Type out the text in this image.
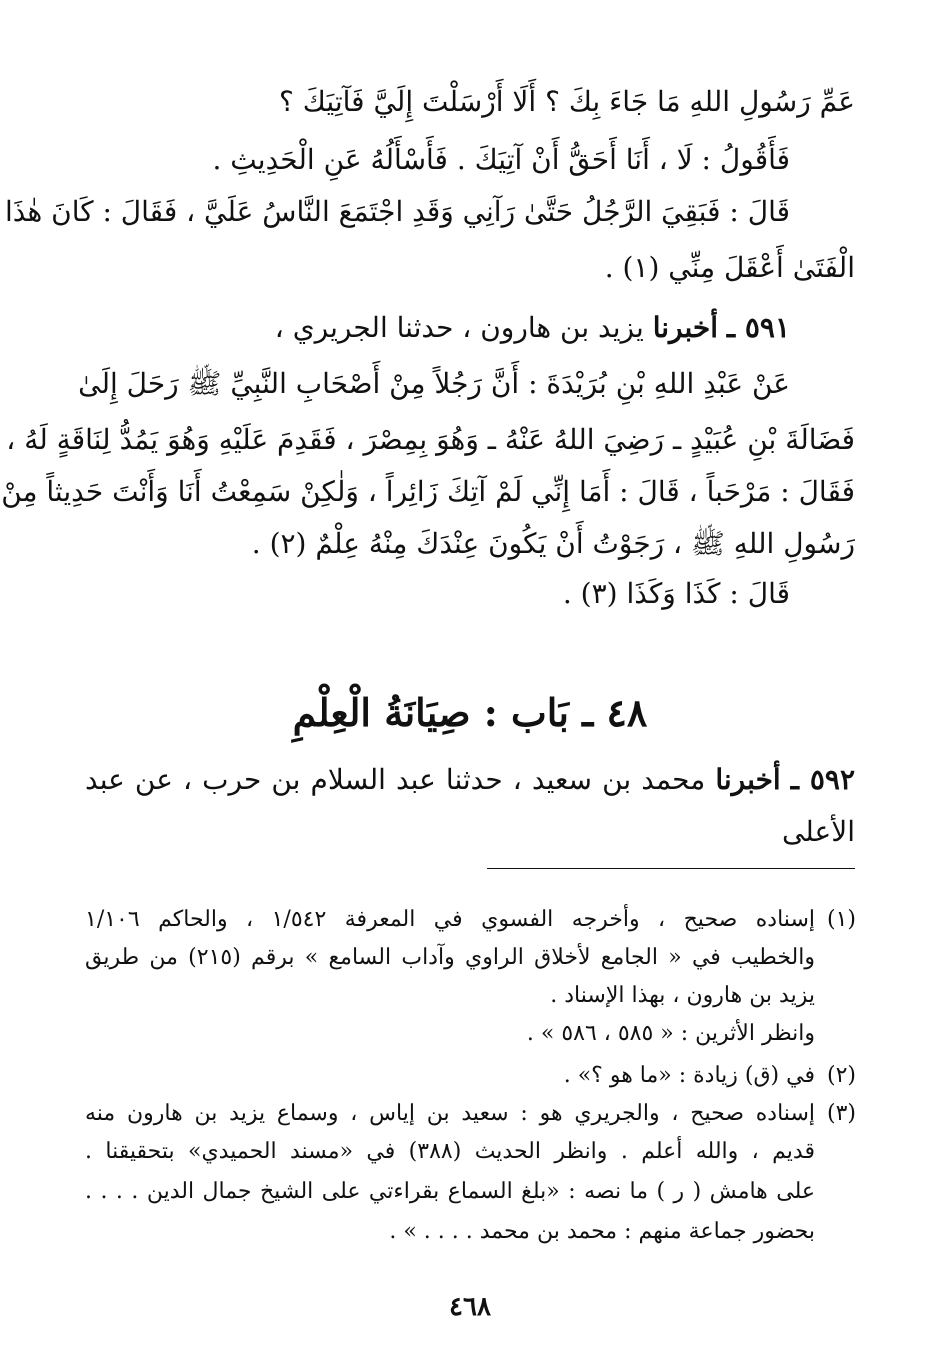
عَمِّ رَسُولِ اللهِ مَا جَاءَ بِكَ ؟ أَلَا أَرْسَلْتَ إِلَيَّ فَآتِيَكَ ؟
فَأَقُولُ : لَا ، أَنَا أَحَقُّ أَنْ آتِيَكَ . فَأَسْأَلُهُ عَنِ الْحَدِيثِ .
قَالَ : فَبَقِيَ الرَّجُلُ حَتَّىٰ رَآنِي وَقَدِ اجْتَمَعَ النَّاسُ عَلَيَّ ، فَقَالَ : كَانَ هٰذَا
الْفَتَىٰ أَعْقَلَ مِنِّي (١) .
٥٩١ ـ أخبرنا يزيد بن هارون ، حدثنا الجريري ،
عَنْ عَبْدِ اللهِ بْنِ بُرَيْدَةَ : أَنَّ رَجُلاً مِنْ أَصْحَابِ النَّبِيِّ ﷺ رَحَلَ إِلَىٰ
فَضَالَةَ بْنِ عُبَيْدٍ ـ رَضِيَ اللهُ عَنْهُ ـ وَهُوَ بِمِصْرَ ، فَقَدِمَ عَلَيْهِ وَهُوَ يَمُدُّ لِنَاقَةٍ لَهُ ،
فَقَالَ : مَرْحَباً ، قَالَ : أَمَا إِنِّي لَمْ آتِكَ زَائِراً ، وَلٰكِنْ سَمِعْتُ أَنَا وَأَنْتَ حَدِيثاً مِنْ
رَسُولِ اللهِ ﷺ ، رَجَوْتُ أَنْ يَكُونَ عِنْدَكَ مِنْهُ عِلْمٌ (٢) .
قَالَ : كَذَا وَكَذَا (٣) .
٤٨ ـ بَاب : صِيَانَةُ الْعِلْمِ
٥٩٢ ـ أخبرنا محمد بن سعيد ، حدثنا عبد السلام بن حرب ، عن عبد
الأعلى
(١)
إسناده صحيح ، وأخرجه الفسوي في المعرفة ١/٥٤٢ ، والحاكم ١/١٠٦
والخطيب في « الجامع لأخلاق الراوي وآداب السامع » برقم (٢١٥) من طريق
يزيد بن هارون ، بهذا الإسناد .
وانظر الأثرين : « ٥٨٥ ، ٥٨٦ » .
(٢)
في (ق) زيادة : «ما هو ؟» .
(٣)
إسناده صحيح ، والجريري هو : سعيد بن إياس ، وسماع يزيد بن هارون منه
قديم ، والله أعلم . وانظر الحديث (٣٨٨) في «مسند الحميدي» بتحقيقنا .
على هامش ( ر ) ما نصه : «بلغ السماع بقراءتي على الشيخ جمال الدين . . . .
بحضور جماعة منهم : محمد بن محمد . . . . » .
٤٦٨
